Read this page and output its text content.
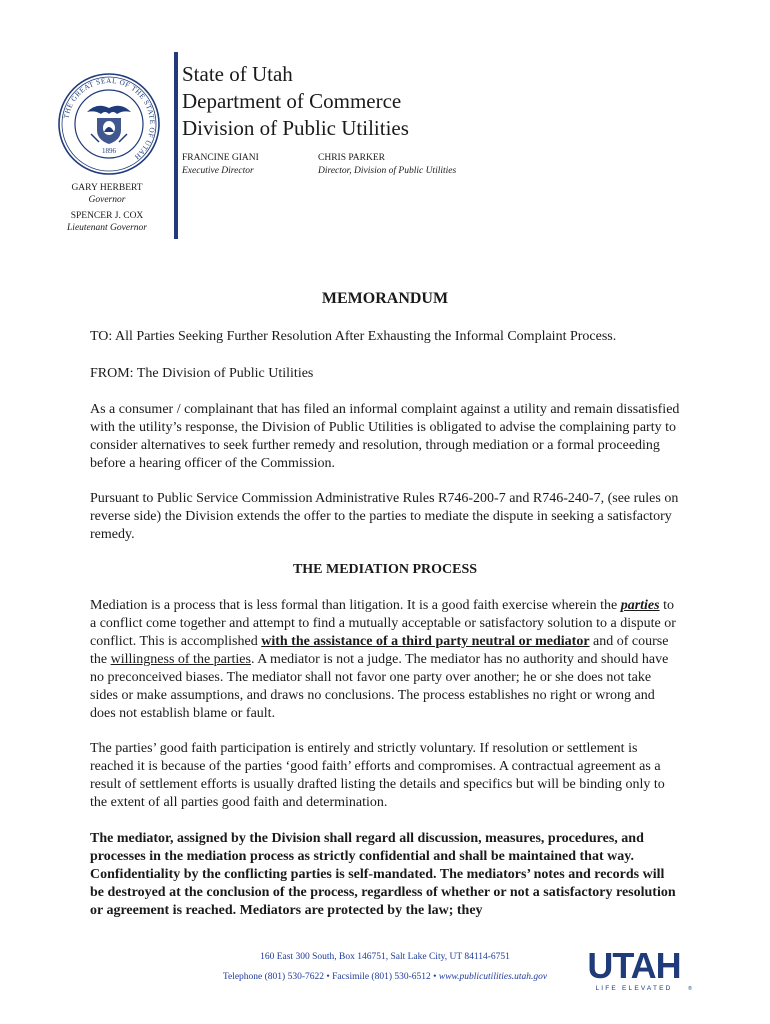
THE GREAT SEAL OF THE STATE OF UTAH
1896
State of Utah
Department of Commerce
Division of Public Utilities
FRANCINE GIANI
Executive Director
CHRIS PARKER
Director, Division of Public Utilities
GARY HERBERT
Governor
SPENCER J. COX
Lieutenant Governor
MEMORANDUM
TO: All Parties Seeking Further Resolution After Exhausting the Informal Complaint Process.
FROM: The Division of Public Utilities
As a consumer / complainant that has filed an informal complaint against a utility and remain dissatisfied with the utility’s response, the Division of Public Utilities is obligated to advise the complaining party to consider alternatives to seek further remedy and resolution, through mediation or a formal proceeding before a hearing officer of the Commission.
Pursuant to Public Service Commission Administrative Rules R746-200-7 and R746-240-7, (see rules on reverse side) the Division extends the offer to the parties to mediate the dispute in seeking a satisfactory remedy.
THE MEDIATION PROCESS
Mediation is a process that is less formal than litigation. It is a good faith exercise wherein the parties to a conflict come together and attempt to find a mutually acceptable or satisfactory solution to a dispute or conflict. This is accomplished with the assistance of a third party neutral or mediator and of course the willingness of the parties. A mediator is not a judge. The mediator has no authority and should have no preconceived biases. The mediator shall not favor one party over another; he or she does not take sides or make assumptions, and draws no conclusions. The process establishes no right or wrong and does not establish blame or fault.
The parties’ good faith participation is entirely and strictly voluntary. If resolution or settlement is reached it is because of the parties ‘good faith’ efforts and compromises. A contractual agreement as a result of settlement efforts is usually drafted listing the details and specifics but will be binding only to the extent of all parties good faith and determination.
The mediator, assigned by the Division shall regard all discussion, measures, procedures, and processes in the mediation process as strictly confidential and shall be maintained that way. Confidentiality by the conflicting parties is self-mandated. The mediators’ notes and records will be destroyed at the conclusion of the process, regardless of whether or not a satisfactory resolution or agreement is reached. Mediators are protected by the law; they
160 East 300 South, Box 146751, Salt Lake City, UT 84114-6751
Telephone (801) 530-7622 • Facsimile (801) 530-6512 • www.publicutilities.utah.gov	UTAH
LIFE ELEVATED	®
